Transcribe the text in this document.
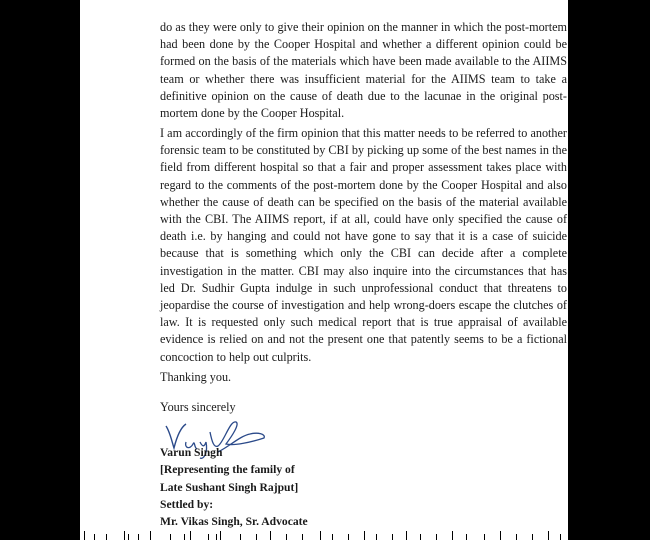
do as they were only to give their opinion on the manner in which the post-mortem had been done by the Cooper Hospital and whether a different opinion could be formed on the basis of the materials which have been made available to the AIIMS team or whether there was insufficient material for the AIIMS team to take a definitive opinion on the cause of death due to the lacunae in the original post-mortem done by the Cooper Hospital.

I am accordingly of the firm opinion that this matter needs to be referred to another forensic team to be constituted by CBI by picking up some of the best names in the field from different hospital so that a fair and proper assessment takes place with regard to the comments of the post-mortem done by the Cooper Hospital and also whether the cause of death can be specified on the basis of the material available with the CBI. The AIIMS report, if at all, could have only specified the cause of death i.e. by hanging and could not have gone to say that it is a case of suicide because that is something which only the CBI can decide after a complete investigation in the matter. CBI may also inquire into the circumstances that has led Dr. Sudhir Gupta indulge in such unprofessional conduct that threatens to jeopardise the course of investigation and help wrong-doers escape the clutches of law. It is requested only such medical report that is true appraisal of available evidence is relied on and not the present one that patently seems to be a fictional concoction to help out culprits.

Thanking you.

Yours sincerely

Varun Singh

[Representing the family of

Late Sushant Singh Rajput]

Settled by:

Mr. Vikas Singh, Sr. Advocate
